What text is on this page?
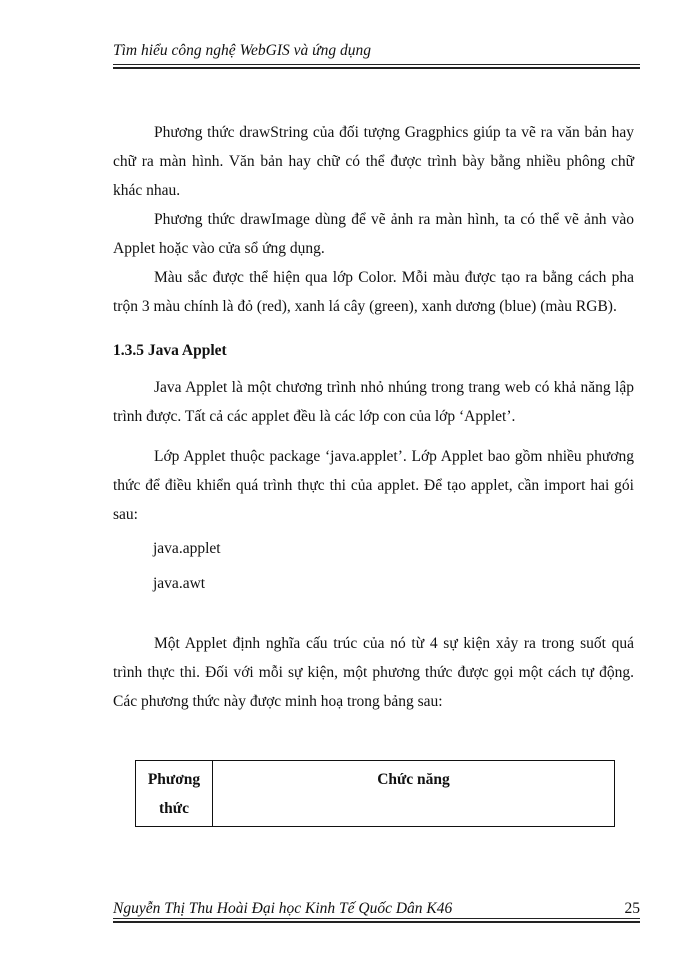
Tìm hiểu công nghệ WebGIS và ứng dụng

Phương thức drawString của đối tượng Gragphics giúp ta vẽ ra văn bản hay chữ ra màn hình. Văn bản hay chữ có thể được trình bày bằng nhiều phông chữ khác nhau.

Phương thức drawImage dùng để vẽ ảnh ra màn hình, ta có thể vẽ ảnh vào Applet hoặc vào cửa sổ ứng dụng.

Màu sắc được thể hiện qua lớp Color. Mỗi màu được tạo ra bằng cách pha trộn 3 màu chính là đỏ (red), xanh lá cây (green), xanh dương (blue) (màu RGB).

1.3.5 Java Applet

Java Applet là một chương trình nhỏ nhúng trong trang web có khả năng lập trình được. Tất cả các applet đều là các lớp con của lớp ‘Applet’.

Lớp Applet thuộc package ‘java.applet’. Lớp Applet bao gồm nhiều phương thức để điều khiển quá trình thực thi của applet. Để tạo applet, cần import hai gói sau:

java.applet
java.awt

Một Applet định nghĩa cấu trúc của nó từ 4 sự kiện xảy ra trong suốt quá trình thực thi. Đối với mỗi sự kiện, một phương thức được gọi một cách tự động. Các phương thức này được minh hoạ trong bảng sau:

Phương thức
Chức năng
Nguyễn Thị Thu Hoài Đại học Kinh Tế Quốc Dân K46	25
